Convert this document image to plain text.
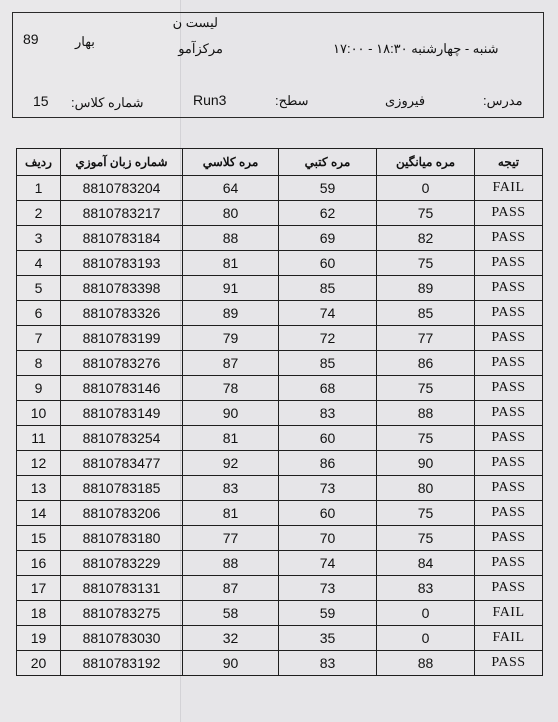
89	بهار
لیست ن
مرکزآمو	شنبه - چهارشنبه ۱۸:۳۰ - ۱۷:۰۰
15 شماره کلاس:	Run3	سطح:	فیروزی	مدرس:
رديف	شماره زبان آموزي	مره كلاسي	مره كتبي	مره ميانگين	تيجه
1	8810783204	64	59	0	FAIL
2	8810783217	80	62	75	PASS
3	8810783184	88	69	82	PASS
4	8810783193	81	60	75	PASS
5	8810783398	91	85	89	PASS
6	8810783326	89	74	85	PASS
7	8810783199	79	72	77	PASS
8	8810783276	87	85	86	PASS
9	8810783146	78	68	75	PASS
10	8810783149	90	83	88	PASS
11	8810783254	81	60	75	PASS
12	8810783477	92	86	90	PASS
13	8810783185	83	73	80	PASS
14	8810783206	81	60	75	PASS
15	8810783180	77	70	75	PASS
16	8810783229	88	74	84	PASS
17	8810783131	87	73	83	PASS
18	8810783275	58	59	0	FAIL
19	8810783030	32	35	0	FAIL
20	8810783192	90	83	88	PASS
